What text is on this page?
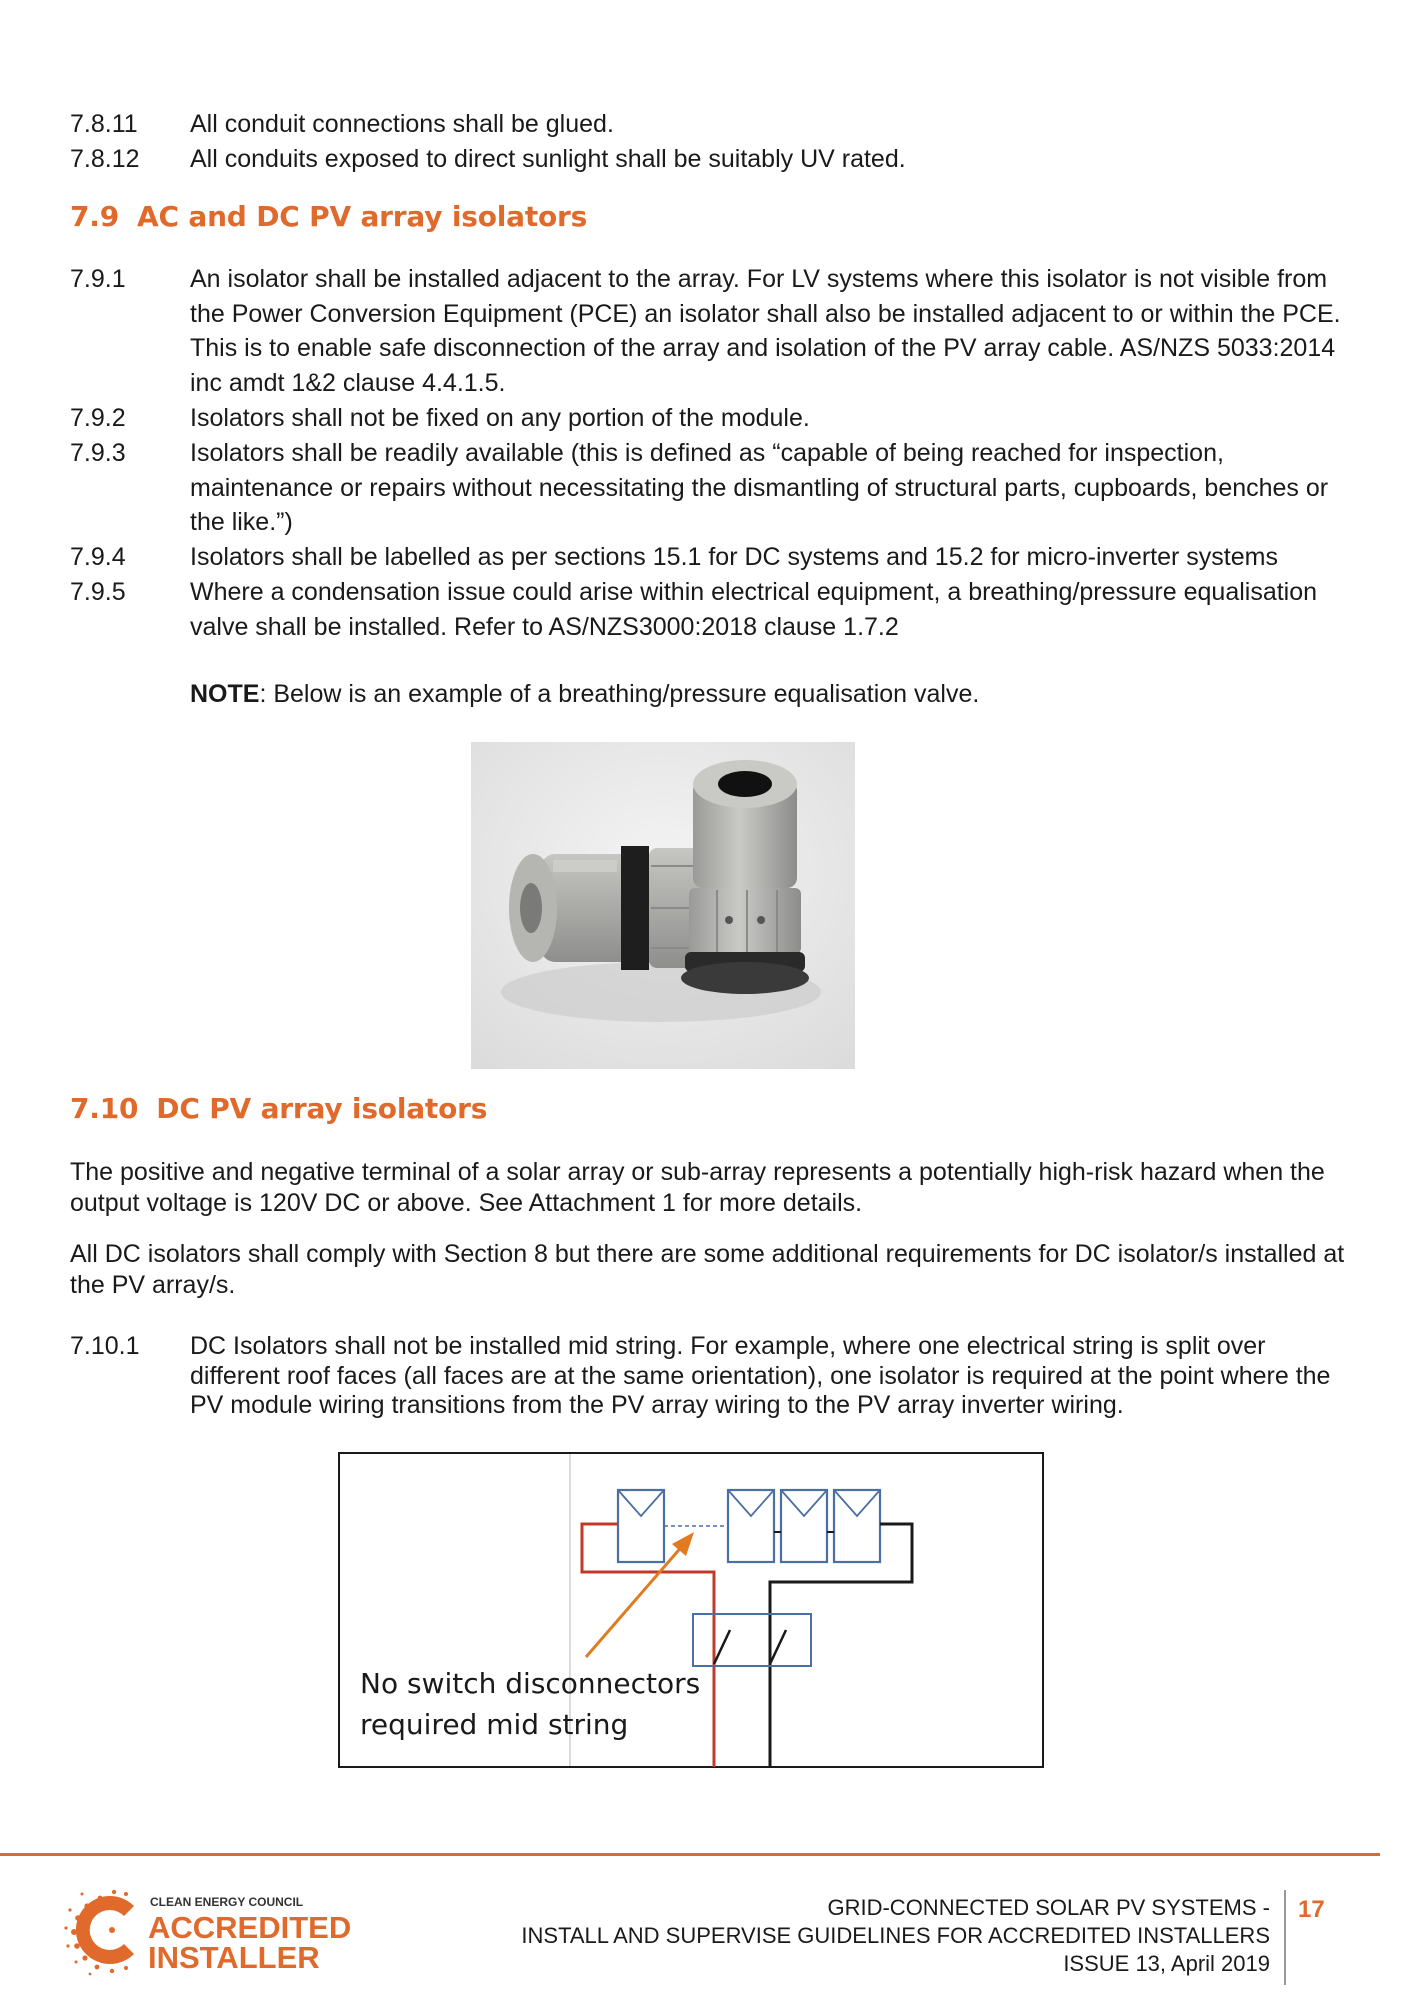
7.8.11	All conduit connections shall be glued.
7.8.12	All conduits exposed to direct sunlight shall be suitably UV rated.
7.9 AC and DC PV array isolators
7.9.1	An isolator shall be installed adjacent to the array. For LV systems where this isolator is not visible from the Power Conversion Equipment (PCE) an isolator shall also be installed adjacent to or within the PCE. This is to enable safe disconnection of the array and isolation of the PV array cable. AS/NZS 5033:2014 inc amdt 1&2 clause 4.4.1.5.
7.9.2	Isolators shall not be fixed on any portion of the module.
7.9.3	Isolators shall be readily available (this is defined as “capable of being reached for inspection, maintenance or repairs without necessitating the dismantling of structural parts, cupboards, benches or the like.”)
7.9.4	Isolators shall be labelled as per sections 15.1 for DC systems and 15.2 for micro-inverter systems
7.9.5	Where a condensation issue could arise within electrical equipment, a breathing/pressure equalisation valve shall be installed. Refer to AS/NZS3000:2018 clause 1.7.2
NOTE: Below is an example of a breathing/pressure equalisation valve.
7.10 DC PV array isolators
The positive and negative terminal of a solar array or sub-array represents a potentially high-risk hazard when the output voltage is 120V DC or above. See Attachment 1 for more details.
All DC isolators shall comply with Section 8 but there are some additional requirements for DC isolator/s installed at the PV array/s.
7.10.1	DC Isolators shall not be installed mid string. For example, where one electrical string is split over different roof faces (all faces are at the same orientation), one isolator is required at the point where the PV module wiring transitions from the PV array wiring to the PV array inverter wiring.
No switch disconnectors
required mid string
CLEAN ENERGY COUNCIL
ACCREDITED
INSTALLER
GRID-CONNECTED SOLAR PV SYSTEMS -
INSTALL AND SUPERVISE GUIDELINES FOR ACCREDITED INSTALLERS
ISSUE 13, April 2019
17
